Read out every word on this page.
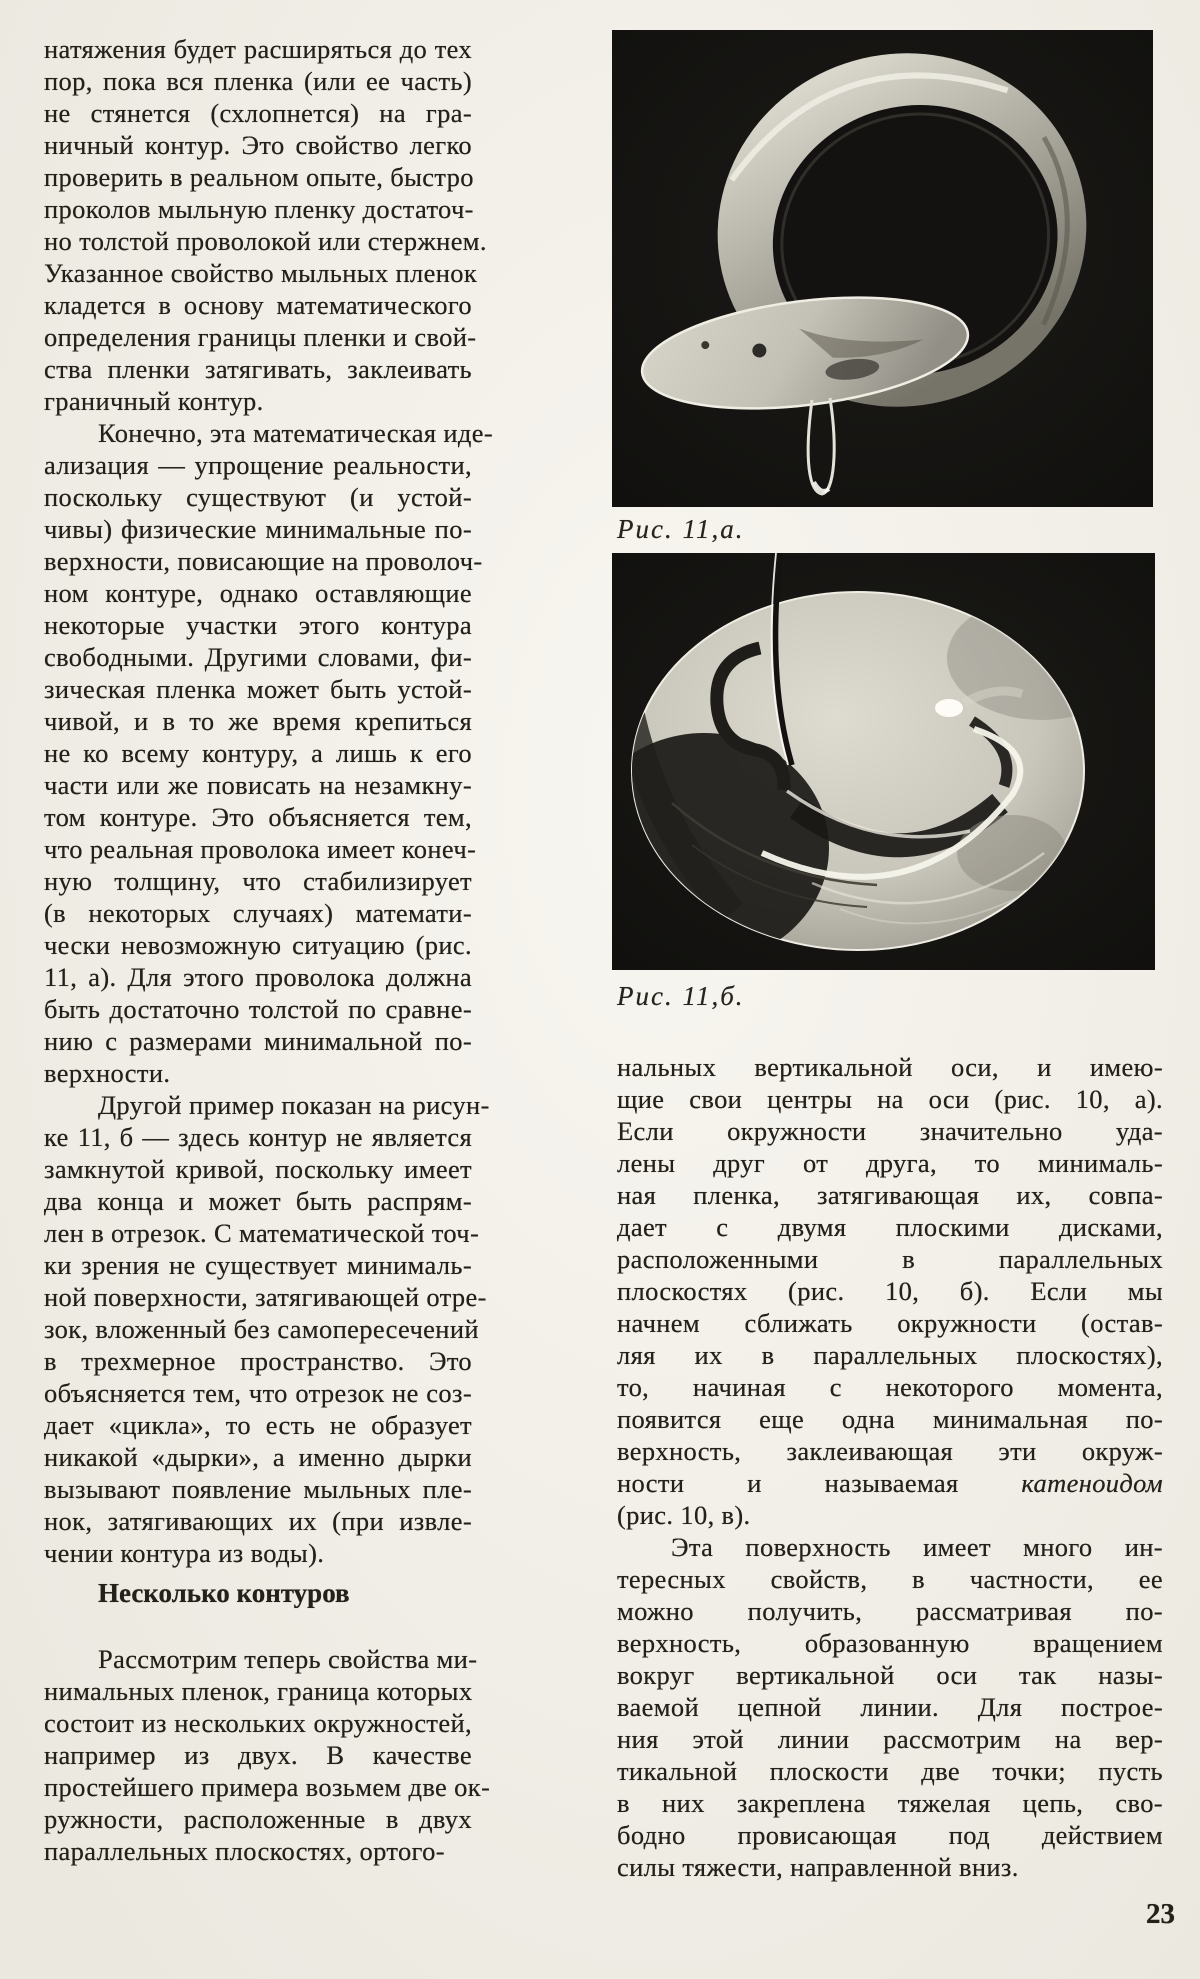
натяжения будет расширяться до тех
пор, пока вся пленка (или ее часть)
не стянется (схлопнется) на гра-
ничный контур. Это свойство легко
проверить в реальном опыте, быстро
проколов мыльную пленку достаточ-
но толстой проволокой или стержнем.
Указанное свойство мыльных пленок
кладется в основу математического
определения границы пленки и свой-
ства пленки затягивать, заклеивать
граничный контур.
Конечно, эта математическая иде-
ализация — упрощение реальности,
поскольку существуют (и устой-
чивы) физические минимальные по-
верхности, повисающие на проволоч-
ном контуре, однако оставляющие
некоторые участки этого контура
свободными. Другими словами, фи-
зическая пленка может быть устой-
чивой, и в то же время крепиться
не ко всему контуру, а лишь к его
части или же повисать на незамкну-
том контуре. Это объясняется тем,
что реальная проволока имеет конеч-
ную толщину, что стабилизирует
(в некоторых случаях) математи-
чески невозможную ситуацию (рис.
11, а). Для этого проволока должна
быть достаточно толстой по сравне-
нию с размерами минимальной по-
верхности.
Другой пример показан на рисун-
ке 11, б — здесь контур не является
замкнутой кривой, поскольку имеет
два конца и может быть распрям-
лен в отрезок. С математической точ-
ки зрения не существует минималь-
ной поверхности, затягивающей отре-
зок, вложенный без самопересечений
в трехмерное пространство. Это
объясняется тем, что отрезок не соз-
дает «цикла», то есть не образует
никакой «дырки», а именно дырки
вызывают появление мыльных пле-
нок, затягивающих их (при извле-
чении контура из воды).
Несколько контуров
Рассмотрим теперь свойства ми-
нимальных пленок, граница которых
состоит из нескольких окружностей,
например из двух. В качестве
простейшего примера возьмем две ок-
ружности, расположенные в двух
параллельных плоскостях, ортого-
Рис. 11,а.
Рис. 11,б.
нальных вертикальной оси, и имею-
щие свои центры на оси (рис. 10, а).
Если окружности значительно уда-
лены друг от друга, то минималь-
ная пленка, затягивающая их, совпа-
дает с двумя плоскими дисками,
расположенными в параллельных
плоскостях (рис. 10, б). Если мы
начнем сближать окружности (остав-
ляя их в параллельных плоскостях),
то, начиная с некоторого момента,
появится еще одна минимальная по-
верхность, заклеивающая эти окруж-
ности и называемая катеноидом
(рис. 10, в).
Эта поверхность имеет много ин-
тересных свойств, в частности, ее
можно получить, рассматривая по-
верхность, образованную вращением
вокруг вертикальной оси так назы-
ваемой цепной линии. Для построе-
ния этой линии рассмотрим на вер-
тикальной плоскости две точки; пусть
в них закреплена тяжелая цепь, сво-
бодно провисающая под действием
силы тяжести, направленной вниз.
23
